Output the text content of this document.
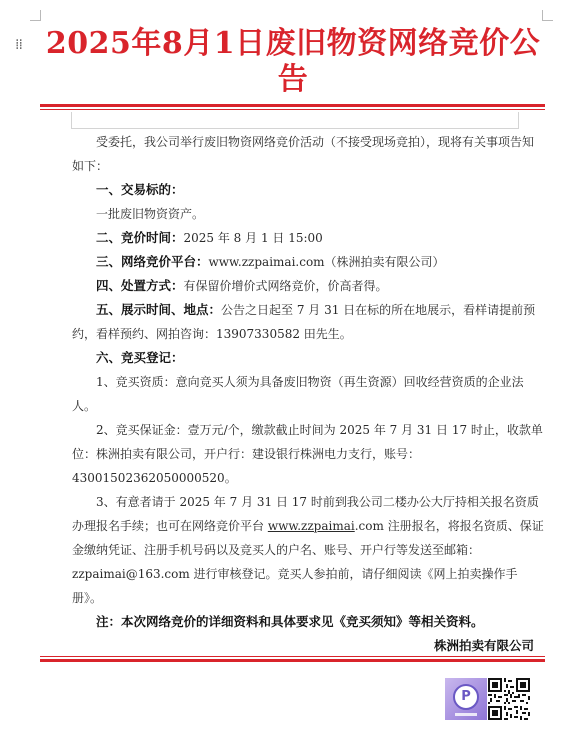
⁞⁞ 2025年8月1日废旧物资网络竞价公告

受委托，我公司举行废旧物资网络竞价活动（不接受现场竞拍），现将有关事项告知如下：

一、交易标的：

一批废旧物资资产。

二、竞价时间：2025 年 8 月 1 日 15:00

三、网络竞价平台：www.zzpaimai.com（株洲拍卖有限公司）

四、处置方式：有保留价增价式网络竞价，价高者得。

五、展示时间、地点：公告之日起至 7 月 31 日在标的所在地展示，看样请提前预约，看样预约、网拍咨询：13907330582 田先生。

六、竞买登记：

1、竞买资质：意向竞买人须为具备废旧物资（再生资源）回收经营资质的企业法人。

2、竞买保证金：壹万元/个，缴款截止时间为 2025 年 7 月 31 日 17 时止，收款单位：株洲拍卖有限公司，开户行：建设银行株洲电力支行，账号：43001502362050000520。

3、有意者请于 2025 年 7 月 31 日 17 时前到我公司二楼办公大厅持相关报名资质办理报名手续；也可在网络竞价平台 www.zzpaimai.com 注册报名，将报名资质、保证金缴纳凭证、注册手机号码以及竞买人的户名、账号、开户行等发送至邮箱：zzpaimai@163.com 进行审核登记。竞买人参拍前，请仔细阅读《网上拍卖操作手册》。

注：本次网络竞价的详细资料和具体要求见《竞买须知》等相关资料。

株洲拍卖有限公司

P
